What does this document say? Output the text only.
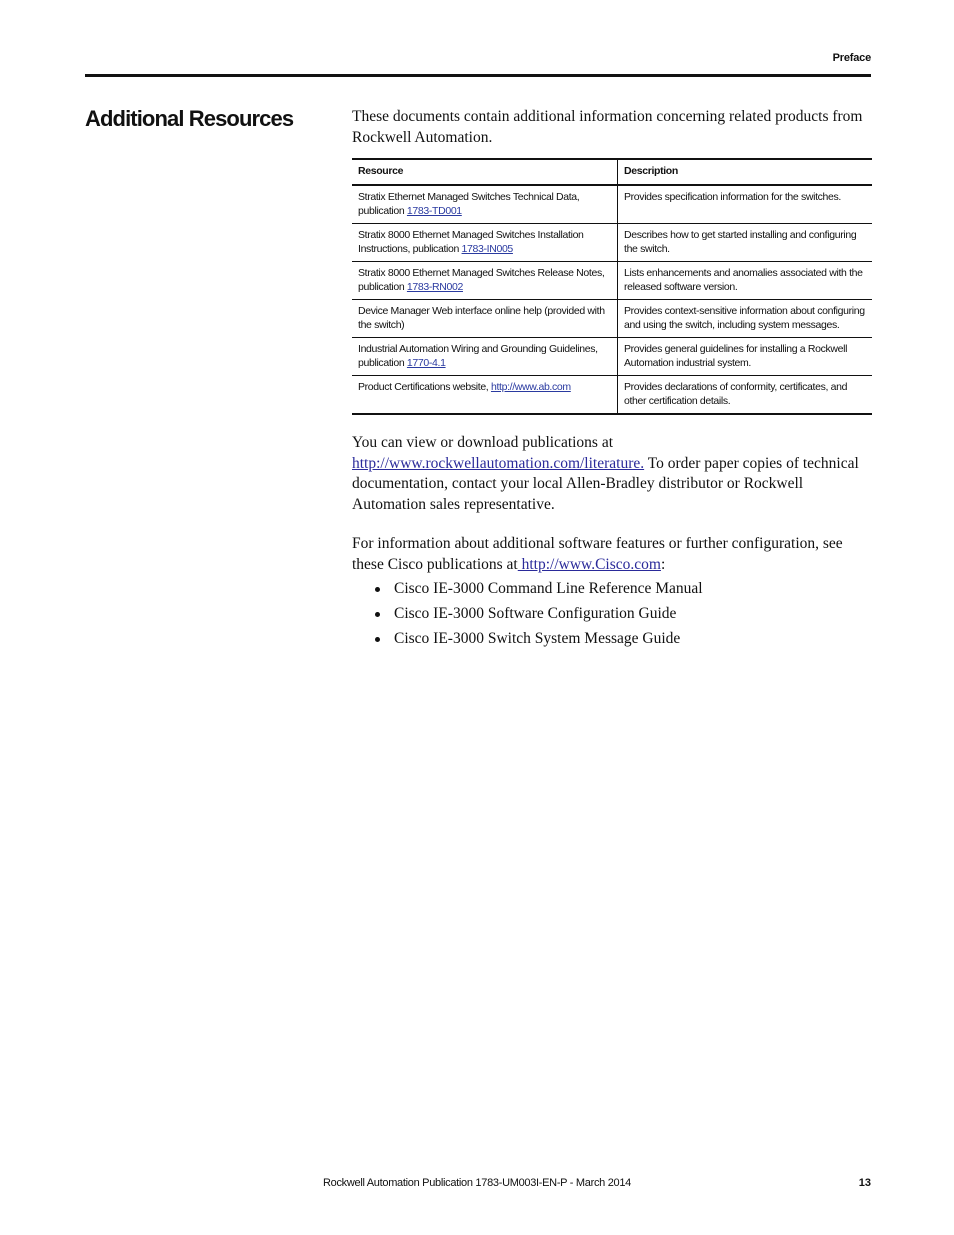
Preface
Additional Resources	These documents contain additional information concerning related products from Rockwell Automation.

Resource	Description
Stratix Ethernet Managed Switches Technical Data, publication 1783-TD001	Provides specification information for the switches.
Stratix 8000 Ethernet Managed Switches Installation Instructions, publication 1783-IN005	Describes how to get started installing and configuring the switch.
Stratix 8000 Ethernet Managed Switches Release Notes, publication 1783-RN002	Lists enhancements and anomalies associated with the released software version.
Device Manager Web interface online help (provided with the switch)	Provides context-sensitive information about configuring and using the switch, including system messages.
Industrial Automation Wiring and Grounding Guidelines, publication 1770-4.1	Provides general guidelines for installing a Rockwell Automation industrial system.
Product Certifications website, http://www.ab.com	Provides declarations of conformity, certificates, and other certification details.

You can view or download publications at http://www.rockwellautomation.com/literature. To order paper copies of technical documentation, contact your local Allen-Bradley distributor or Rockwell Automation sales representative.

For information about additional software features or further configuration, see these Cisco publications at http://www.Cisco.com:

Cisco IE-3000 Command Line Reference Manual
Cisco IE-3000 Software Configuration Guide
Cisco IE-3000 Switch System Message Guide
Rockwell Automation Publication 1783-UM003I-EN-P - March 2014	13
